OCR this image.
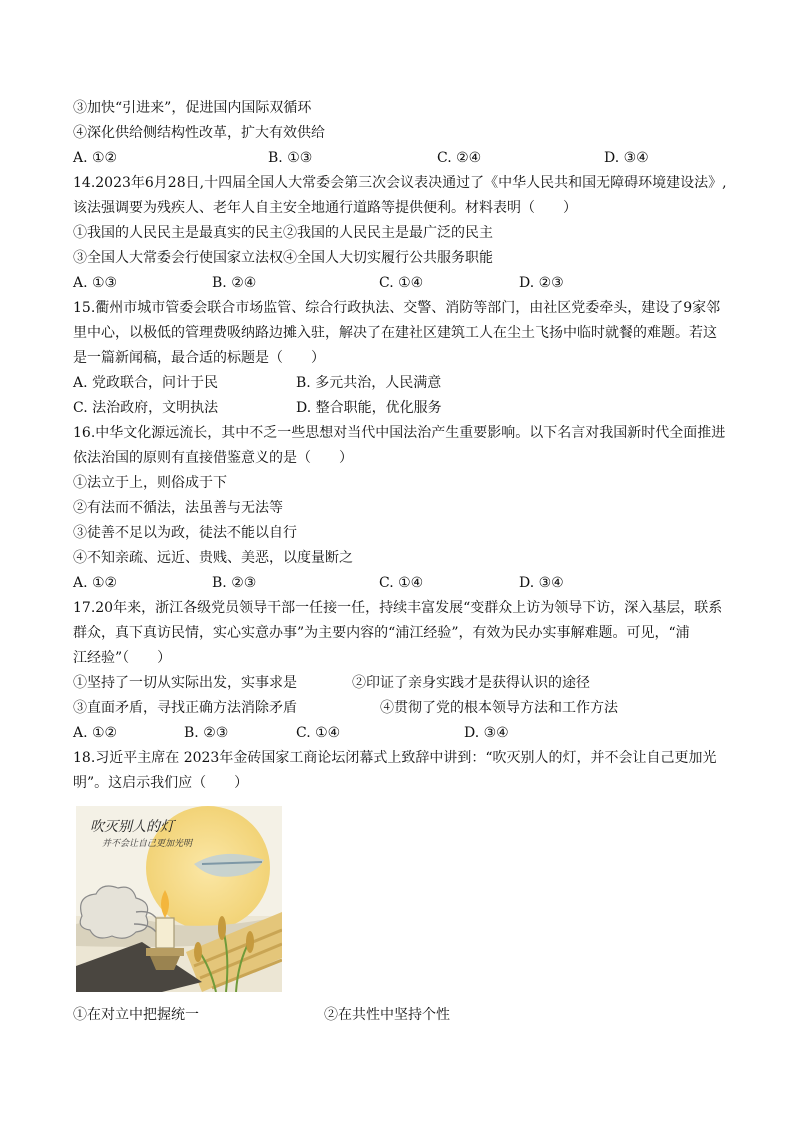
③加快“引进来”，促进国内国际双循环
④深化供给侧结构性改革，扩大有效供给
A. ①②	B. ①③	C. ②④	D. ③④
14.2023年6月28日,十四届全国人大常委会第三次会议表决通过了《中华人民共和国无障碍环境建设法》,
该法强调要为残疾人、老年人自主安全地通行道路等提供便利。材料表明（　　）
①我国的人民民主是最真实的民主②我国的人民民主是最广泛的民主
③全国人大常委会行使国家立法权④全国人大切实履行公共服务职能
A. ①③	B. ②④	C. ①④	D. ②③
15.衢州市城市管委会联合市场监管、综合行政执法、交警、消防等部门，由社区党委牵头，建设了9家邻
里中心，以极低的管理费吸纳路边摊入驻，解决了在建社区建筑工人在尘土飞扬中临时就餐的难题。若这
是一篇新闻稿，最合适的标题是（　　）
A. 党政联合，问计于民	B. 多元共治，人民满意
C. 法治政府，文明执法	D. 整合职能，优化服务
16.中华文化源远流长，其中不乏一些思想对当代中国法治产生重要影响。以下名言对我国新时代全面推进
依法治国的原则有直接借鉴意义的是（　　）
①法立于上，则俗成于下
②有法而不循法，法虽善与无法等
③徒善不足以为政，徒法不能以自行
④不知亲疏、远近、贵贱、美恶，以度量断之
A. ①②	B. ②③	C. ①④	D. ③④
17.20年来，浙江各级党员领导干部一任接一任，持续丰富发展“变群众上访为领导下访，深入基层，联系
群众，真下真访民情，实心实意办事”为主要内容的“浦江经验”，有效为民办实事解难题。可见，“浦
江经验”（　　）
①坚持了一切从实际出发，实事求是	②印证了亲身实践才是获得认识的途径
③直面矛盾，寻找正确方法消除矛盾	④贯彻了党的根本领导方法和工作方法
A. ①②	B. ②③	C. ①④	D. ③④
18.习近平主席在 2023年金砖国家工商论坛闭幕式上致辞中讲到：“吹灭别人的灯，并不会让自己更加光
明”。这启示我们应（　　）
吹灭别人的灯
并不会让自己更加光明
①在对立中把握统一	②在共性中坚持个性
